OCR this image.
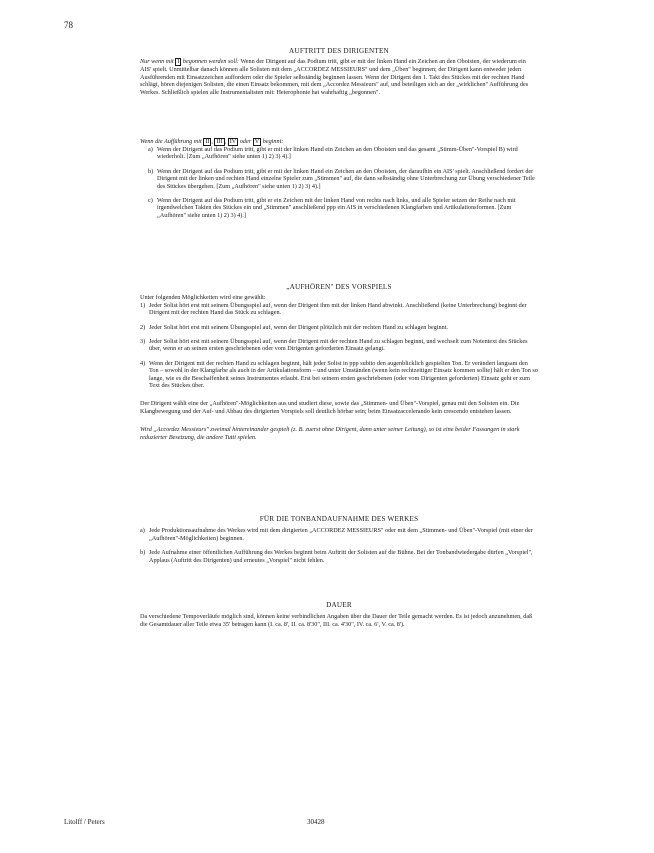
78
AUFTRITT DES DIRIGENTEN

Nur wenn mit I begonnen werden soll: Wenn der Dirigent auf das Podium tritt, gibt er mit der linken Hand ein Zeichen an den Oboisten, der wiederum ein AIS' spielt. Unmittelbar danach können alle Solisten mit dem „ACCORDEZ MESSIEURS" und dem „Üben" beginnen; der Dirigent kann entweder jeden Ausführenden mit Einsatzzeichen auffordern oder die Spieler selbständig beginnen lassen. Wenn der Dirigent den 1. Takt des Stückes mit der rechten Hand schlägt, hören diejenigen Solisten, die einen Einsatz bekommen, mit dem „Accordez Messieurs" auf, und beteiligen sich an der „wirklichen" Aufführung des Werkes. Schließlich spielen alle Instrumentalisten mit: Heterophonie hat wahrhaftig „begonnen".

Wenn die Aufführung mit II , III , IV oder V beginnt:

a) Wenn der Dirigent auf das Podium tritt, gibt er mit der linken Hand ein Zeichen an den Oboisten und das gesamt „Stimm-Üben"-Vorspiel B) wird wiederholt. [Zum „Aufhören" siehe unten 1) 2) 3) 4).]
b) Wenn der Dirigent auf das Podium tritt, gibt er mit der linken Hand ein Zeichen an den Oboisten, der daraufhin ein AIS' spielt. Anschließend fordert der Dirigent mit der linken und rechten Hand einzelne Spieler zum „Stimmen" auf, die dann selbständig ohne Unterbrechung zur Übung verschiedener Teile des Stückes übergehen. [Zum „Aufhören" siehe unten 1) 2) 3) 4).]
c) Wenn der Dirigent auf das Podium tritt, gibt er ein Zeichen mit der linken Hand von rechts nach links, und alle Spieler setzen der Reihe nach mit irgendwelchen Takten des Stückes ein und „Stimmen" anschließend ppp ein AIS in verschiedenen Klangfarben und Artikulationsformen. [Zum „Aufhören" siehe unten 1) 2) 3) 4).]
„AUFHÖREN" DES VORSPIELS

Unter folgenden Möglichkeiten wird eine gewählt:

1) Jeder Solist hört erst mit seinem Übungsspiel auf, wenn der Dirigent ihm mit der linken Hand abwinkt. Anschließend (keine Unterbrechung) beginnt der Dirigent mit der rechten Hand das Stück zu schlagen.
2) Jeder Solist hört erst mit seinem Übungsspiel auf, wenn der Dirigent plötzlich mit der rechten Hand zu schlagen beginnt.
3) Jeder Solist hört erst mit seinem Übungsspiel auf, wenn der Dirigent mit der rechten Hand zu schlagen beginnt, und wechselt zum Notentext des Stückes über, wenn er an seinen ersten geschriebenen oder vom Dirigenten geforderten Einsatz gelangt.
4) Wenn der Dirigent mit der rechten Hand zu schlagen beginnt, hält jeder Solist in ppp subito den augenblicklich gespielten Ton. Er verändert langsam den Ton – sowohl in der Klangfarbe als auch in der Artikulationsform – und unter Umständen (wenn kein rechtzeitiger Einsatz kommen sollte) hält er den Ton so lange, wie es die Beschaffenheit seines Instrumentes erlaubt. Erst bei seinem ersten geschriebenen (oder vom Dirigenten geforderten) Einsatz geht er zum Text des Stückes über.

Der Dirigent wählt eine der „Aufhören"-Möglichkeiten aus und studiert diese, sowie das „Stimmen- und Üben"-Vorspiel, genau mit den Solisten ein. Die Klangbewegung und der Auf- und Abbau des dirigierten Vorspiels soll deutlich hörbar sein; beim Einsatzaccelerando kein crescendo entstehen lassen.

Wird „Accordez Messieurs" zweimal hintereinander gespielt (z. B. zuerst ohne Dirigent, dann unter seiner Leitung), so ist eine beider Fassungen in stark reduzierter Besetzung, die andere Tutti spielen.

FÜR DIE TONBANDAUFNAHME DES WERKES
a) Jede Produktionsaufnahme des Werkes wird mit dem dirigierten „ACCORDEZ MESSIEURS" oder mit dem „Stimmen- und Üben"-Vorspiel (mit einer der „Aufhören"-Möglichkeiten) beginnen.
b) Jede Aufnahme einer öffentlichen Aufführung des Werkes beginnt beim Auftritt der Solisten auf die Bühne. Bei der Tonbandwiedergabe dürfen „Vorspiel", Applaus (Auftritt des Dirigenten) und erneutes „Vorspiel" nicht fehlen.
DAUER

Da verschiedene Tempoverläufe möglich sind, können keine verbindlichen Angaben über die Dauer der Teile gemacht werden. Es ist jedoch anzunehmen, daß die Gesamtdauer aller Teile etwa 35' betragen kann (I. ca. 8', II. ca. 8'30", III. ca. 4'30", IV. ca. 6', V. ca. 8').

Litolff / Peters	30428
